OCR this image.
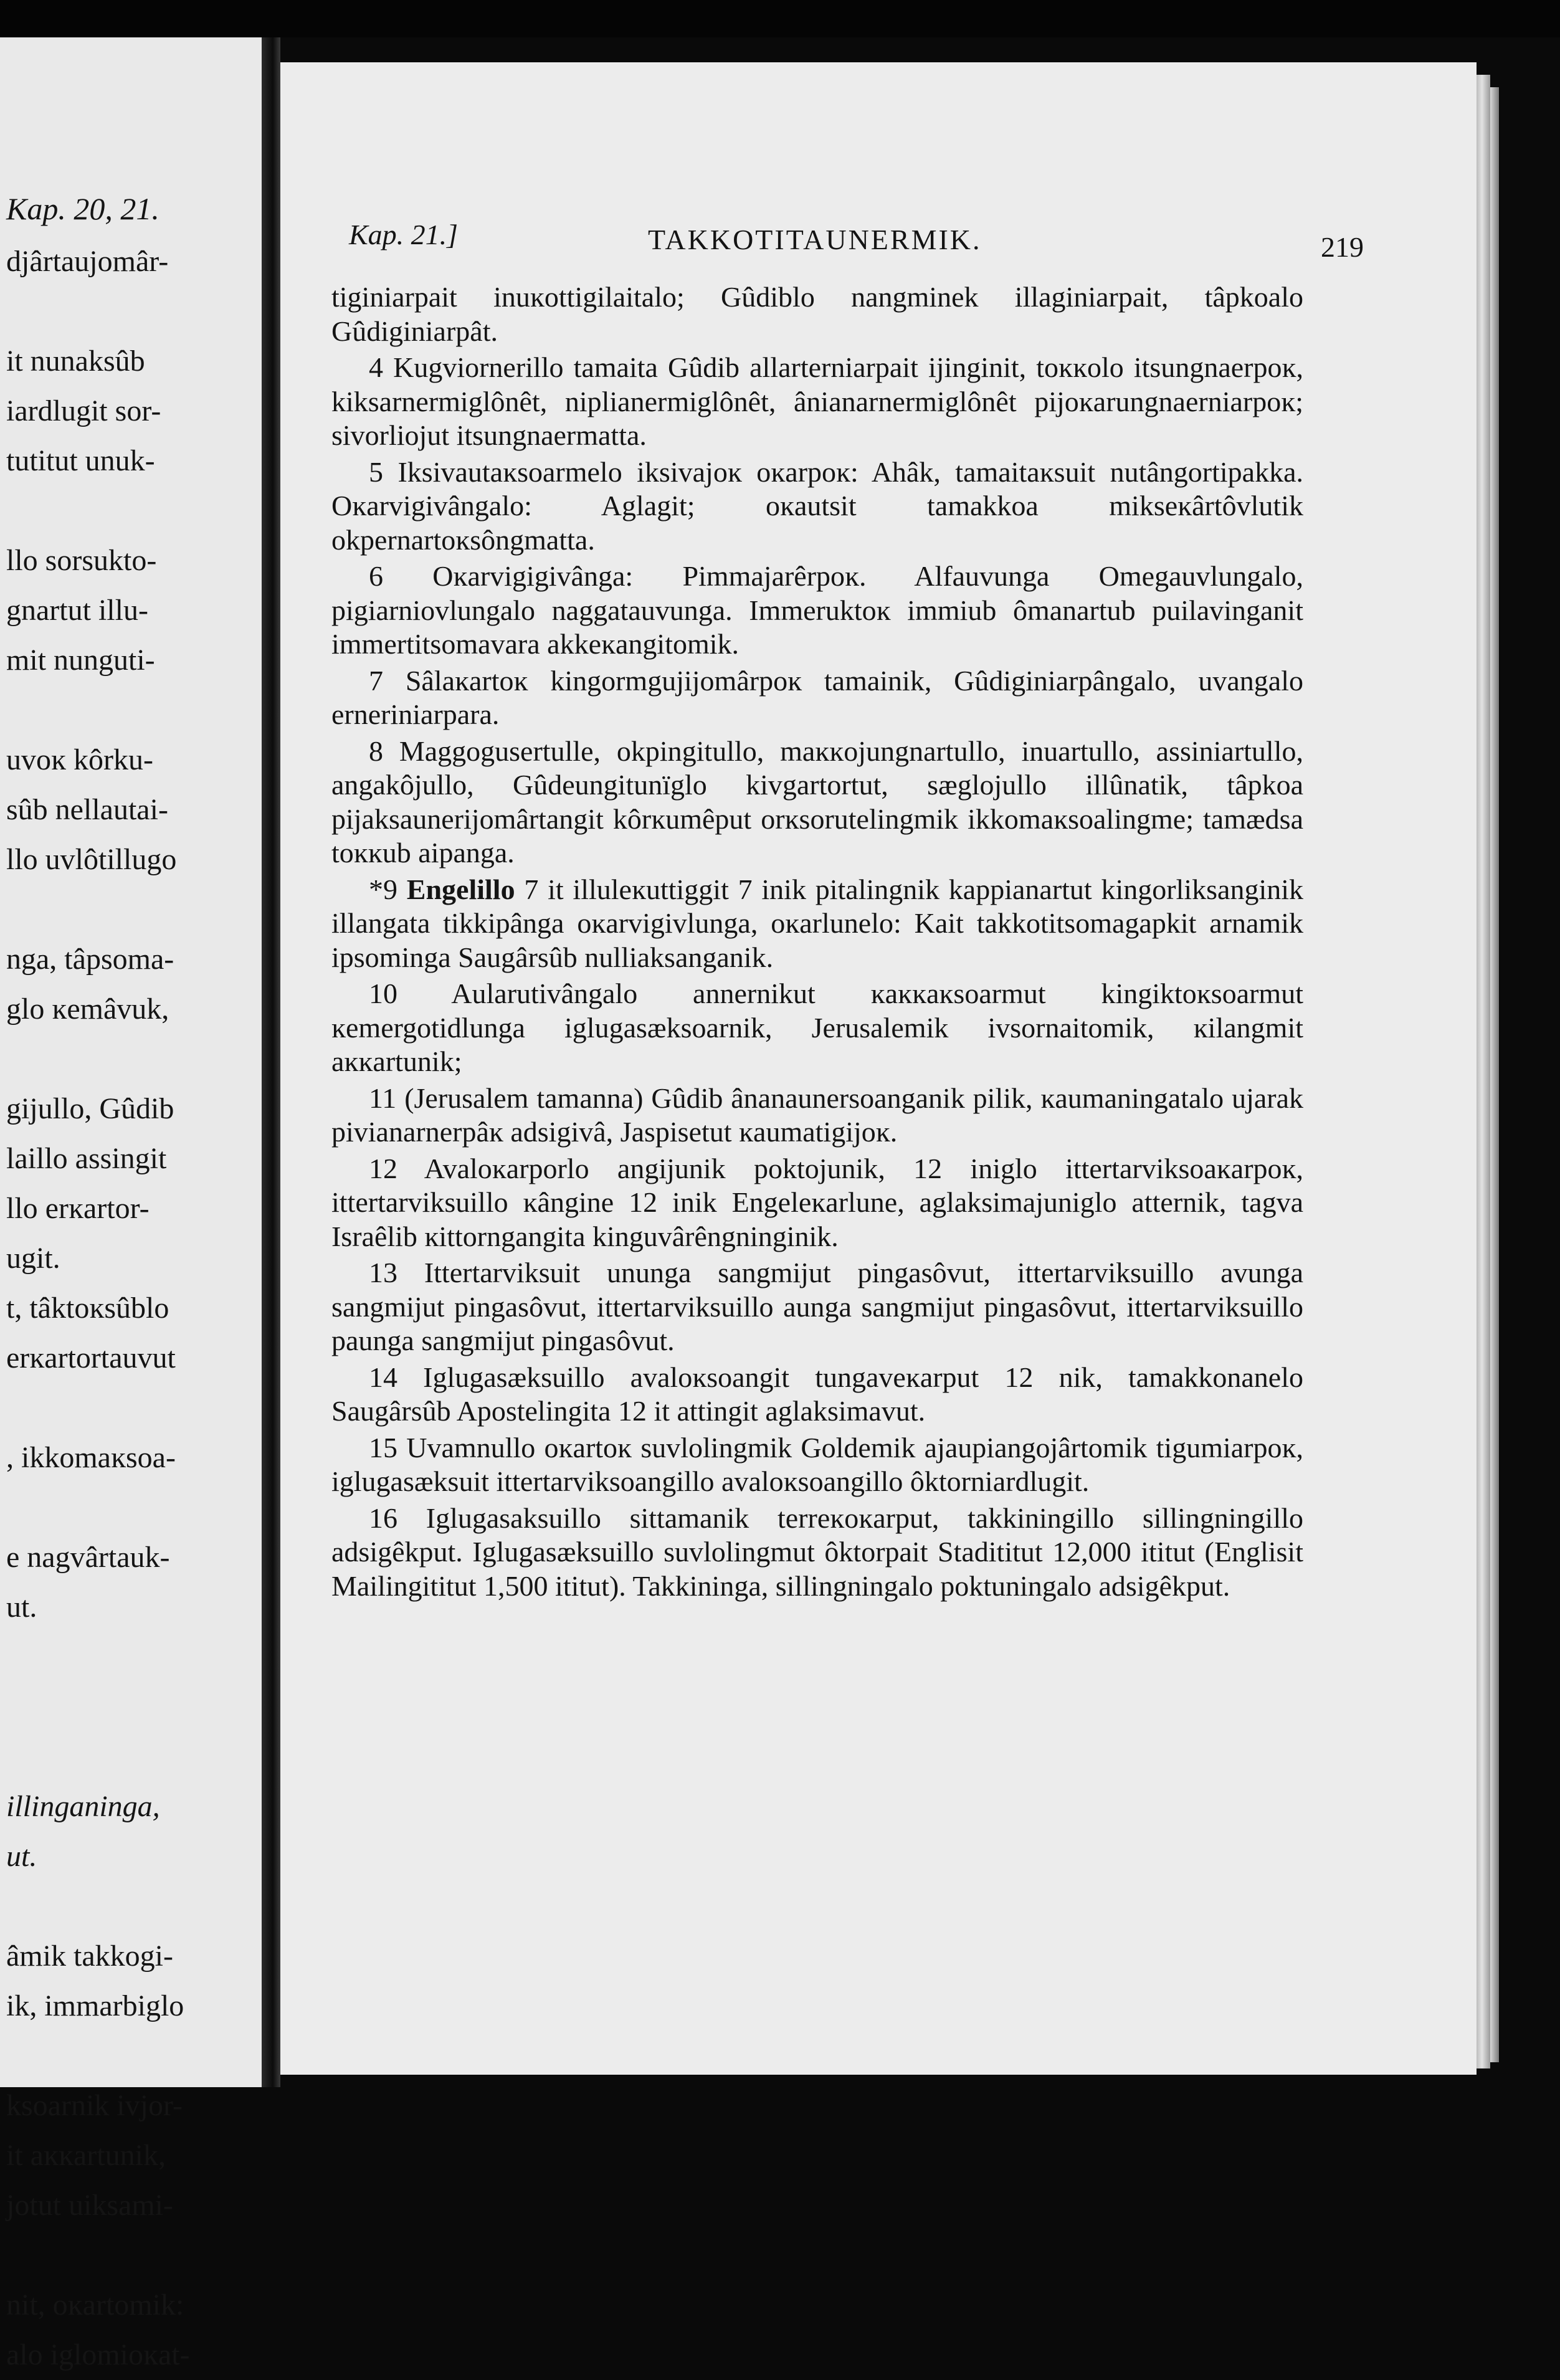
Kap. 20, 21.
djârtaujomâr-

it nunaksûb
iardlugit sor-
tutitut unuk-

llo sorsukto-
gnartut illu-
mit nunguti-

uvoĸ kôrku-
sûb nellautai-
llo uvlôtillugo

nga, tâpsoma-
glo ĸemâvuk,

gijullo, Gûdib
laillo assingit
llo erĸartor-
ugit.
t, tâktoĸsûblo
erĸartortauvut

, ikkomaĸsoa-

e nagvârtauk-
ut.

illinganinga,
ut.

âmik takkogi-
ik, immarbiglo

ksoarnik ivjor-
it aĸĸartunik,
jotut uiksami-

nit, oĸartomik:
alo iglomioĸat-
Kap. 21.]	TAKKOTITAUNERMIK.	219

tiginiarpait inuĸottigilaitalo; Gûdiblo nangminek illaginiarpait, tâpkoalo Gûdiginiarpât.

4 Kugviornerillo tamaita Gûdib allarterniarpait ijinginit, toĸĸolo itsungnaerpoĸ, kiksarnermiglônêt, niplianermiglônêt, ânianarnermiglônêt pijoĸarungnaerniarpoĸ; sivorliojut itsungnaermatta.

5 Iksivautaĸsoarmelo iksivajoĸ oĸarpoĸ: Ahâk, tamaitaĸsuit nutângortipakka. Oĸarvigivângalo: Aglagit; oĸautsit tamakkoa mikseĸârtôvlutik okpernartoĸsôngmatta.

6 Oĸarvigigivânga: Pimmajarêrpoĸ. Alfauvunga Omegauvlungalo, pigiarniovlungalo naggatauvunga. Immeruktoĸ immiub ômanartub puilavinganit immertitsomavara akkeĸangitomik.

7 Sâlaĸartoĸ kingormgujijomârpoĸ tamainik, Gûdiginiarpângalo, uvangalo erneriniarpara.

8 Maggogusertulle, okpingitullo, maĸĸojungnartullo, inuartullo, assiniartullo, angakôjullo, Gûdeungitunïglo kivgartortut, sæglojullo illûnatik, tâpkoa pijaksaunerijomârtangit kôrĸumêput orĸsorutelingmik ikkomaĸsoalingme; tamædsa toĸĸub aipanga.

*9 Engelillo 7 it illuleĸuttiggit 7 inik pitalingnik kappianartut kingorliksanginik illangata tikkipânga oĸarvigivlunga, oĸarlunelo: Kait takkotitsomagapkit arnamik ipsominga Saugârsûb nulliaksanganik.

10 Aularutivângalo annernikut ĸaĸĸaĸsoarmut kingiktoĸsoarmut ĸemergotidlunga iglugasæksoarnik, Jerusalemik ivsornaitomik, ĸilangmit aĸĸartunik;

11 (Jerusalem tamanna) Gûdib ânanaunersoanganik pilik, ĸaumaningatalo ujarak pivianarnerpâĸ adsigivâ, Jaspisetut ĸaumatigijoĸ.

12 Avaloĸarporlo angijunik poktojunik, 12 iniglo ittertarviksoaĸarpoĸ, ittertarviksuillo ĸângine 12 inik Engeleĸarlune, aglaksimajuniglo atternik, tagva Israêlib ĸittorngangita kinguvârêngninginik.

13 Ittertarviksuit ununga sangmijut pingasôvut, ittertarviksuillo avunga sangmijut pingasôvut, ittertarviksuillo aunga sangmijut pingasôvut, ittertarviksuillo paunga sangmijut pingasôvut.

14 Iglugasæksuillo avaloĸsoangit tungaveĸarput 12 nik, tamakkonanelo Saugârsûb Apostelingita 12 it attingit aglaksimavut.

15 Uvamnullo oĸartoĸ suvlolingmik Goldemik ajaupiangojârtomik tigumiarpoĸ, iglugasæksuit ittertarviksoangillo avaloĸsoangillo ôktorniardlugit.

16 Iglugasaksuillo sittamanik terreĸoĸarput, takkiningillo sillingningillo adsigêkput. Iglugasæksuillo suvlolingmut ôktorpait Stadititut 12,000 ititut (Englisit Mailingititut 1,500 ititut). Takkininga, sillingningalo poktuningalo adsigêkput.
